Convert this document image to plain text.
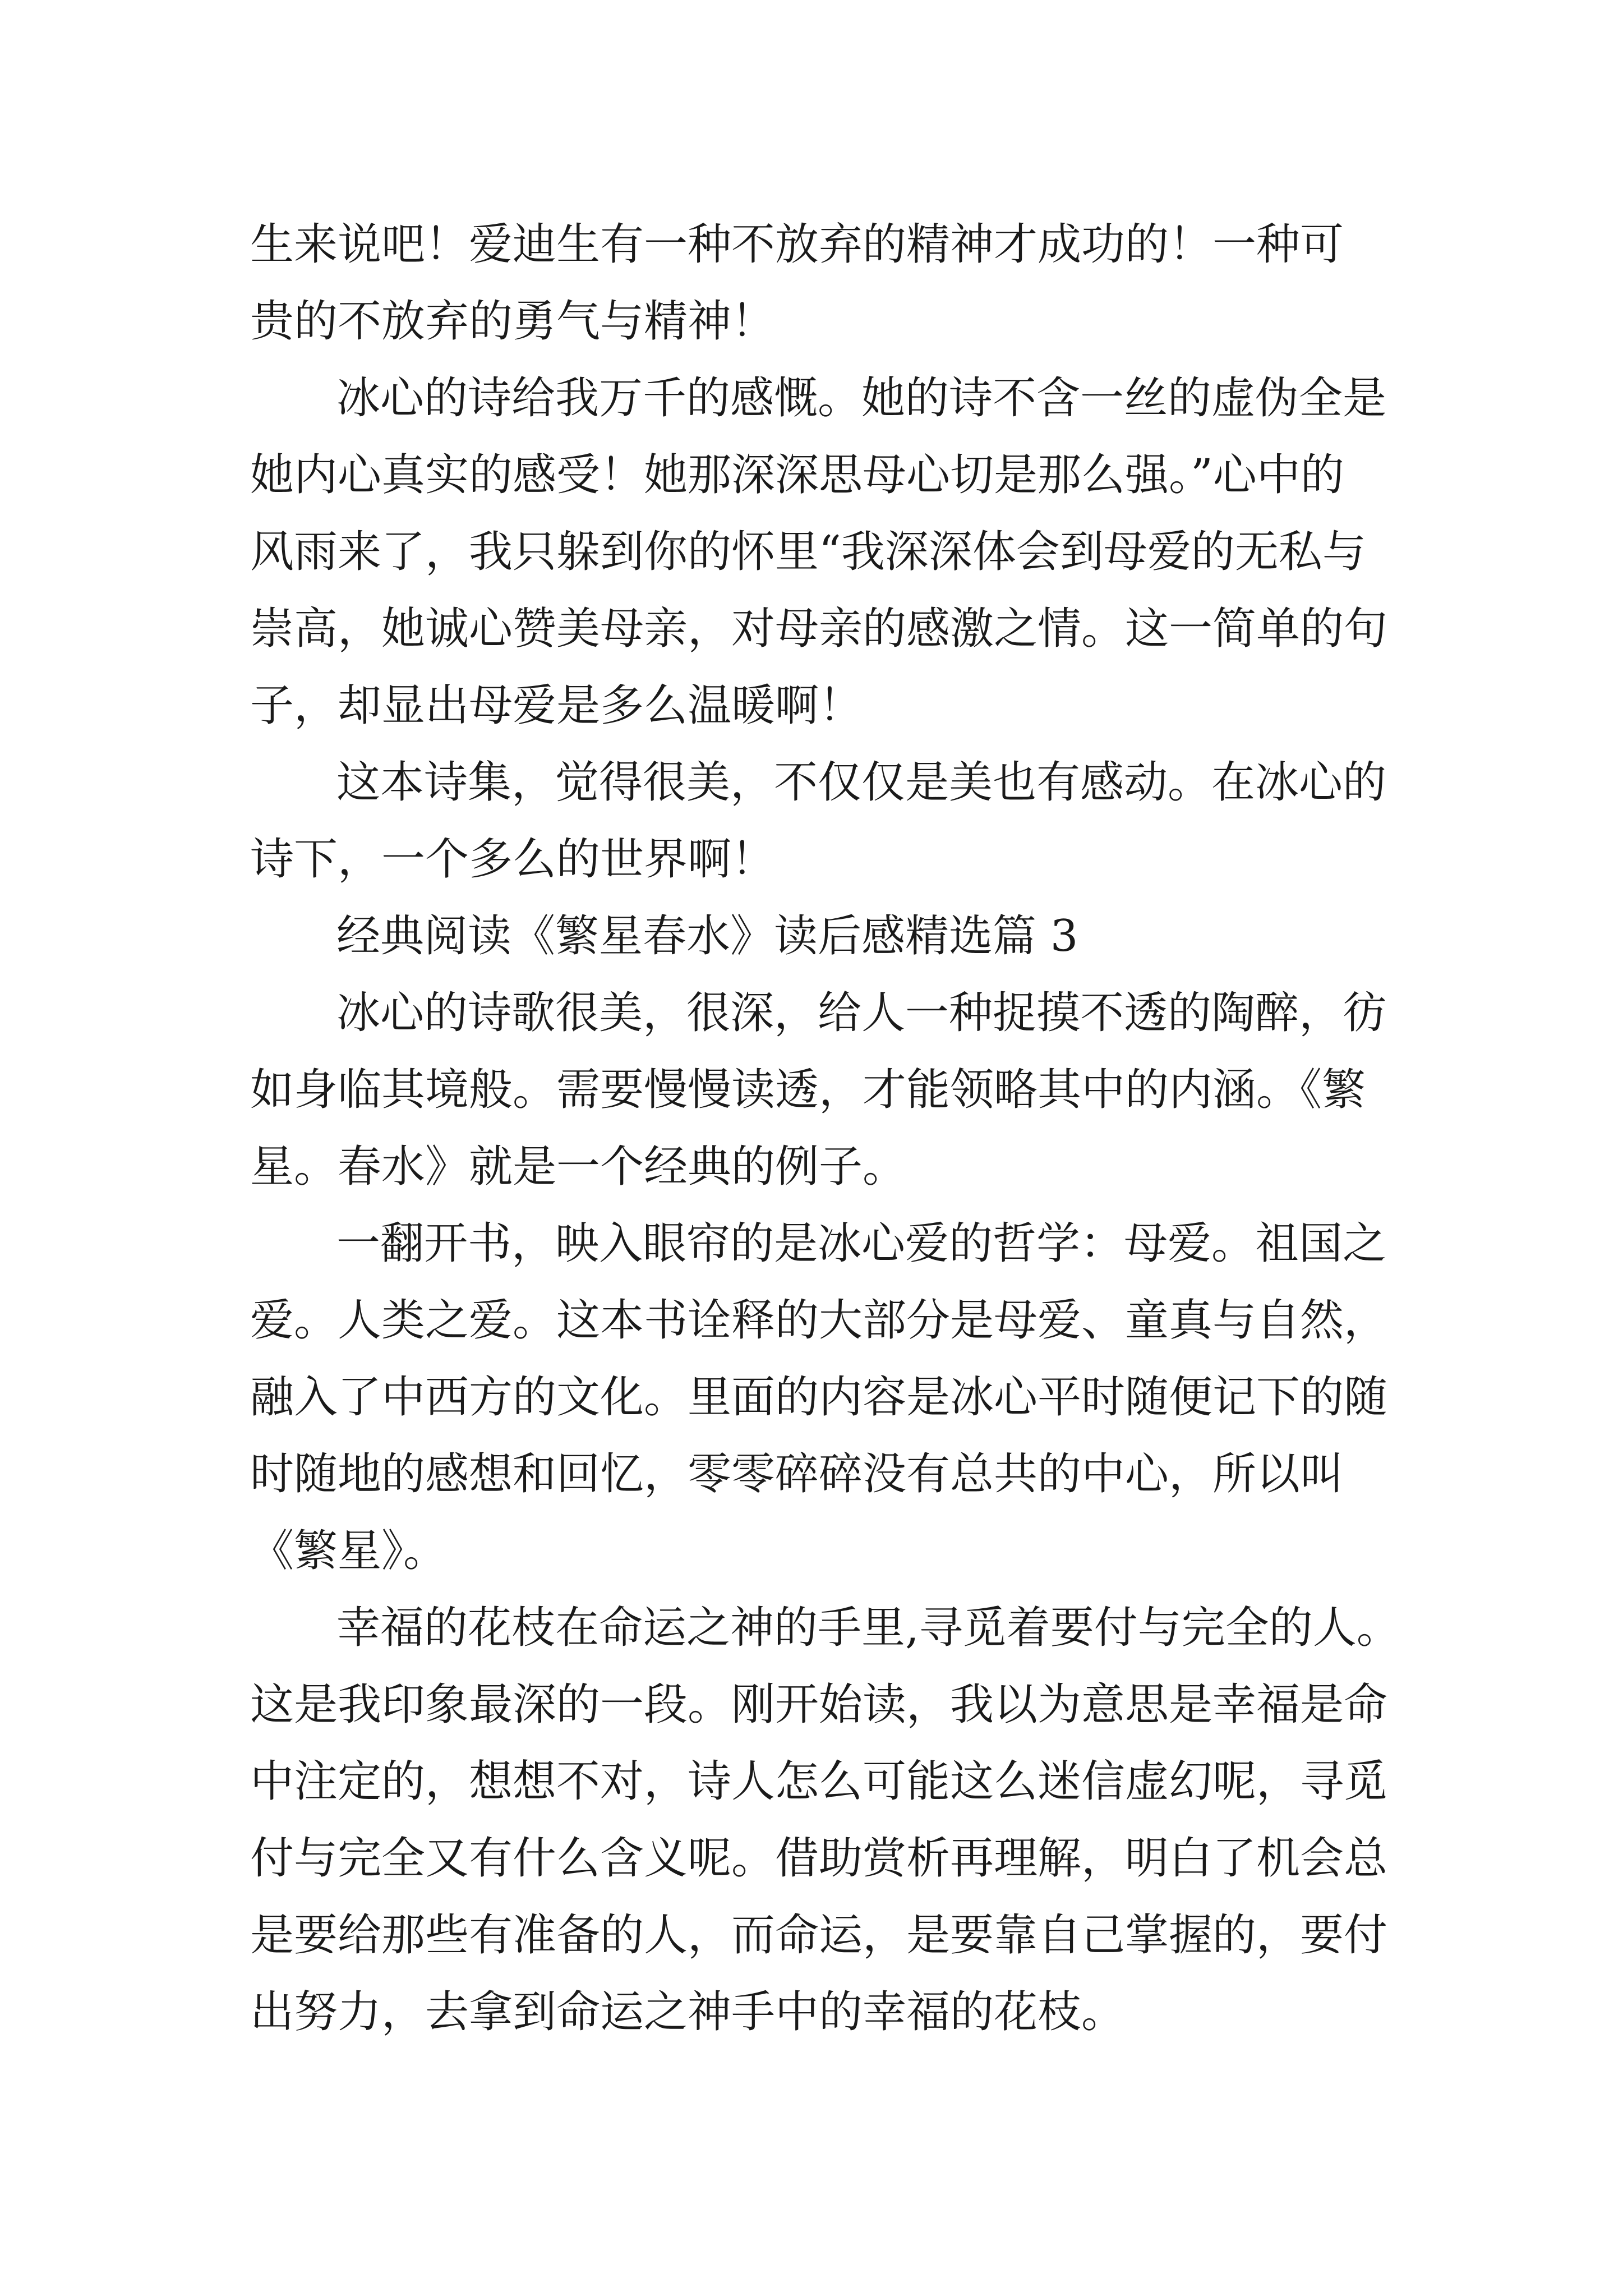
生来说吧！爱迪生有一种不放弃的精神才成功的！一种可

贵的不放弃的勇气与精神！

冰心的诗给我万千的感慨。她的诗不含一丝的虚伪全是

她内心真实的感受！她那深深思母心切是那么强。”心中的

风雨来了，我只躲到你的怀里“我深深体会到母爱的无私与

崇高，她诚心赞美母亲，对母亲的感激之情。这一简单的句

子，却显出母爱是多么温暖啊！

这本诗集，觉得很美，不仅仅是美也有感动。在冰心的

诗下，一个多么的世界啊！

经典阅读《繁星春水》读后感精选篇 3

冰心的诗歌很美，很深，给人一种捉摸不透的陶醉，彷

如身临其境般。需要慢慢读透，才能领略其中的内涵。《繁

星。春水》就是一个经典的例子。

一翻开书，映入眼帘的是冰心爱的哲学：母爱。祖国之

爱。人类之爱。这本书诠释的大部分是母爱、童真与自然，

融入了中西方的文化。里面的内容是冰心平时随便记下的随

时随地的感想和回忆，零零碎碎没有总共的中心，所以叫

《繁星》。

幸福的花枝在命运之神的手里,寻觅着要付与完全的人。

这是我印象最深的一段。刚开始读，我以为意思是幸福是命

中注定的，想想不对，诗人怎么可能这么迷信虚幻呢，寻觅

付与完全又有什么含义呢。借助赏析再理解，明白了机会总

是要给那些有准备的人，而命运，是要靠自己掌握的，要付

出努力，去拿到命运之神手中的幸福的花枝。
